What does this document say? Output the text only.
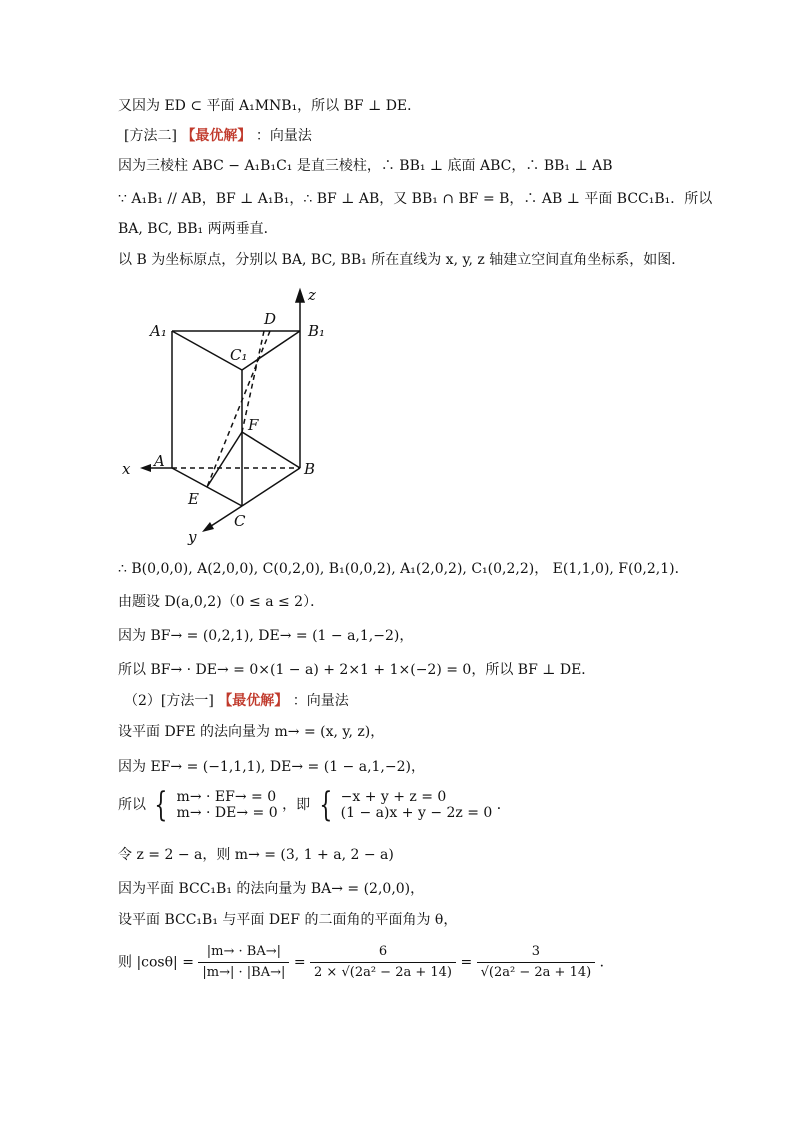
又因为 ED ⊂ 平面 A₁MNB₁，所以 BF ⊥ DE．
[方法二] 【最优解】 ：向量法
因为三棱柱 ABC − A₁B₁C₁ 是直三棱柱，∴ BB₁ ⊥ 底面 ABC，∴ BB₁ ⊥ AB
∵ A₁B₁ // AB，BF ⊥ A₁B₁，∴ BF ⊥ AB，又 BB₁ ∩ BF = B，∴ AB ⊥ 平面 BCC₁B₁．所以
BA, BC, BB₁ 两两垂直．
以 B 为坐标原点，分别以 BA, BC, BB₁ 所在直线为 x, y, z 轴建立空间直角坐标系，如图．
z
D
A₁	B₁
C₁
F
x A	B
E
C
y
∴ B(0,0,0), A(2,0,0), C(0,2,0), B₁(0,0,2), A₁(2,0,2), C₁(0,2,2)， E(1,1,0), F(0,2,1)．
由题设 D(a,0,2)（0 ≤ a ≤ 2）．
因为 BF→ = (0,2,1), DE→ = (1 − a,1,−2)，
所以 BF→ · DE→ = 0×(1 − a) + 2×1 + 1×(−2) = 0，所以 BF ⊥ DE．
（2）[方法一] 【最优解】 ：向量法
设平面 DFE 的法向量为 m→ = (x, y, z)，
因为 EF→ = (−1,1,1), DE→ = (1 − a,1,−2)，
所以 { m→ · EF→ = 0
m→ · DE→ = 0 ，即 { −x + y + z = 0
(1 − a)x + y − 2z = 0 ．
令 z = 2 − a，则 m→ = (3, 1 + a, 2 − a)
因为平面 BCC₁B₁ 的法向量为 BA→ = (2,0,0)，
设平面 BCC₁B₁ 与平面 DEF 的二面角的平面角为 θ，
则 $|\cos\theta| = \frac{|m\to \cdot BA\to|}{|m\to| \cdot |BA\to|} = \frac{6}{\text{2 × √(2a² − 2a + 14)}} = \frac{3}{\text{√(2a² − 2a + 14)}}$ ．
